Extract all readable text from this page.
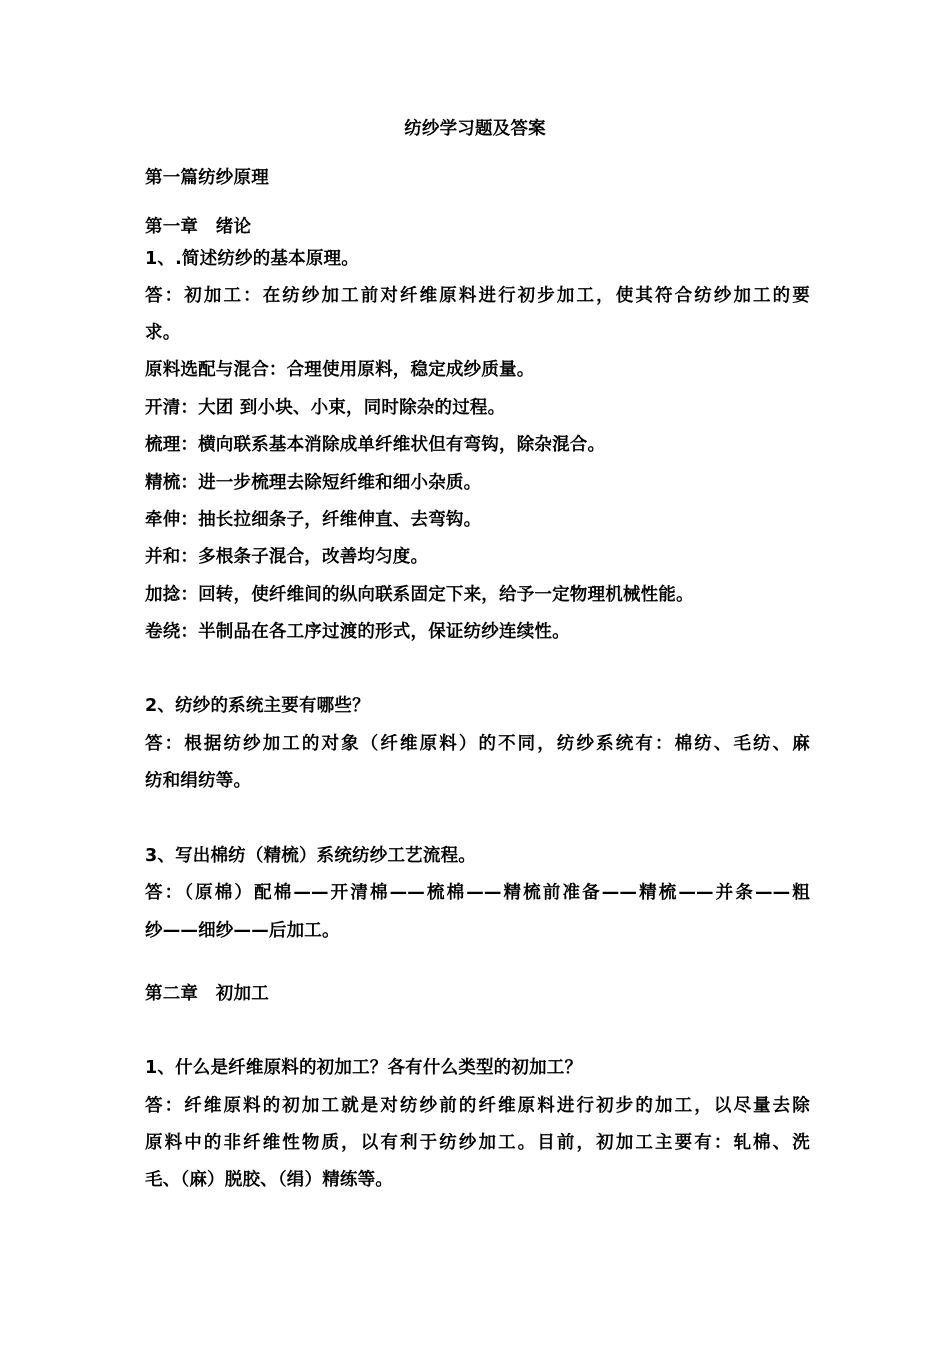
纺纱学习题及答案
第一篇纺纱原理
第一章　绪论
1、.简述纺纱的基本原理。
答：初加工：在纺纱加工前对纤维原料进行初步加工，使其符合纺纱加工的要
求。
原料选配与混合：合理使用原料，稳定成纱质量。
开清：大团 到小块、小束，同时除杂的过程。
梳理：横向联系基本消除成单纤维状但有弯钩，除杂混合。
精梳：进一步梳理去除短纤维和细小杂质。
牵伸：抽长拉细条子，纤维伸直、去弯钩。
并和：多根条子混合，改善均匀度。
加捻：回转，使纤维间的纵向联系固定下来，给予一定物理机械性能。
卷绕：半制品在各工序过渡的形式，保证纺纱连续性。
2、纺纱的系统主要有哪些？
答：根据纺纱加工的对象（纤维原料）的不同，纺纱系统有：棉纺、毛纺、麻
纺和绢纺等。
3、写出棉纺（精梳）系统纺纱工艺流程。
答：（原棉）配棉——开清棉——梳棉——精梳前准备——精梳——并条——粗
纱——细纱——后加工。
第二章　初加工
1、什么是纤维原料的初加工？各有什么类型的初加工？
答：纤维原料的初加工就是对纺纱前的纤维原料进行初步的加工，以尽量去除
原料中的非纤维性物质，以有利于纺纱加工。目前，初加工主要有：轧棉、洗
毛、（麻）脱胶、（绢）精练等。
